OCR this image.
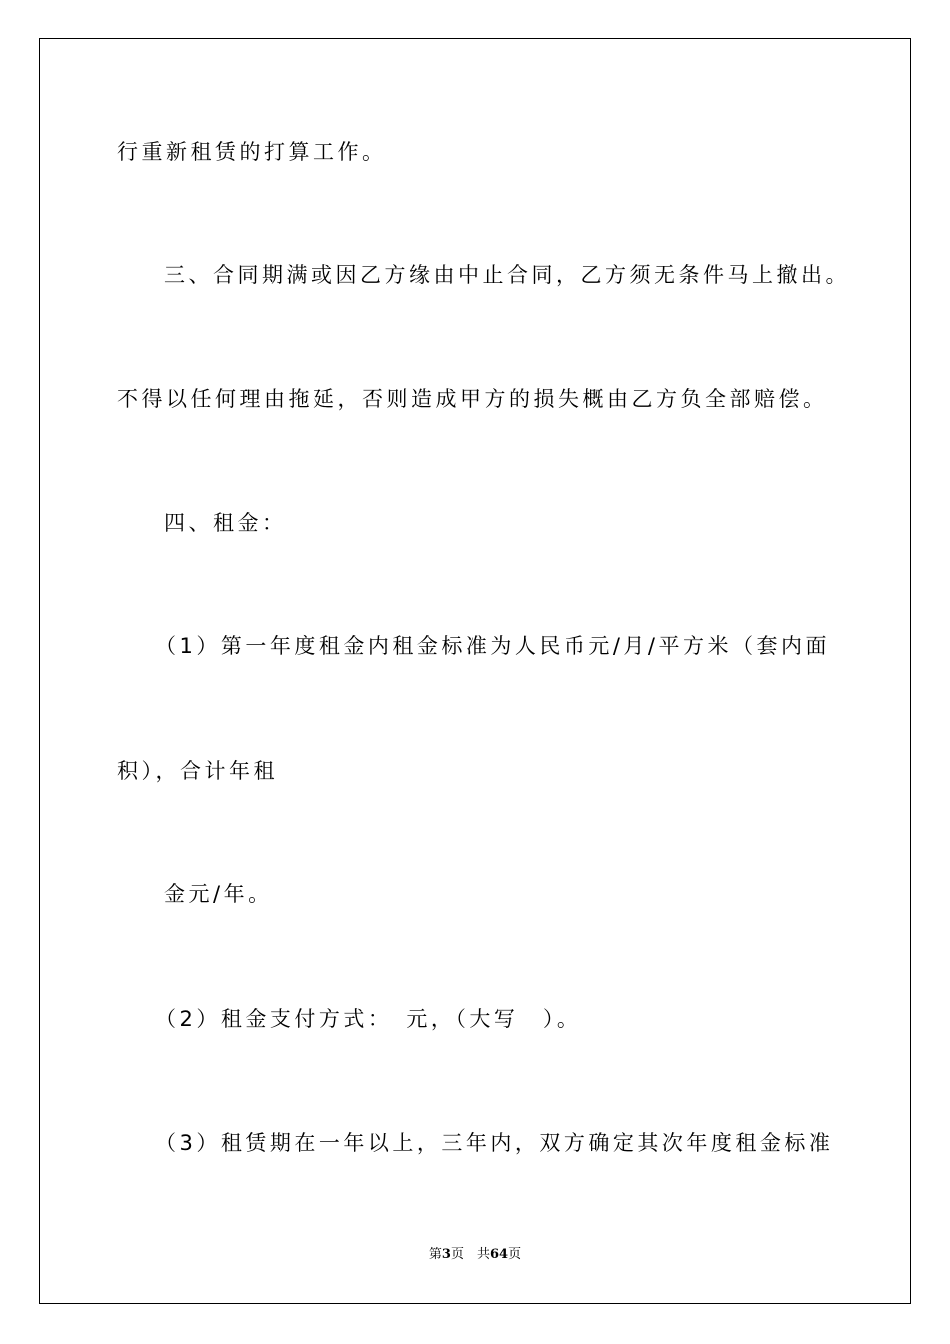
行重新租赁的打算工作。
三、合同期满或因乙方缘由中止合同，乙方须无条件马上撤出。
不得以任何理由拖延，否则造成甲方的损失概由乙方负全部赔偿。
四、租金：
（1）第一年度租金内租金标准为人民币元/月/平方米（套内面
积），合计年租
金元/年。
（2）租金支付方式：　元，（大写　）。
（3）租赁期在一年以上，三年内，双方确定其次年度租金标准
第3页　共64页
